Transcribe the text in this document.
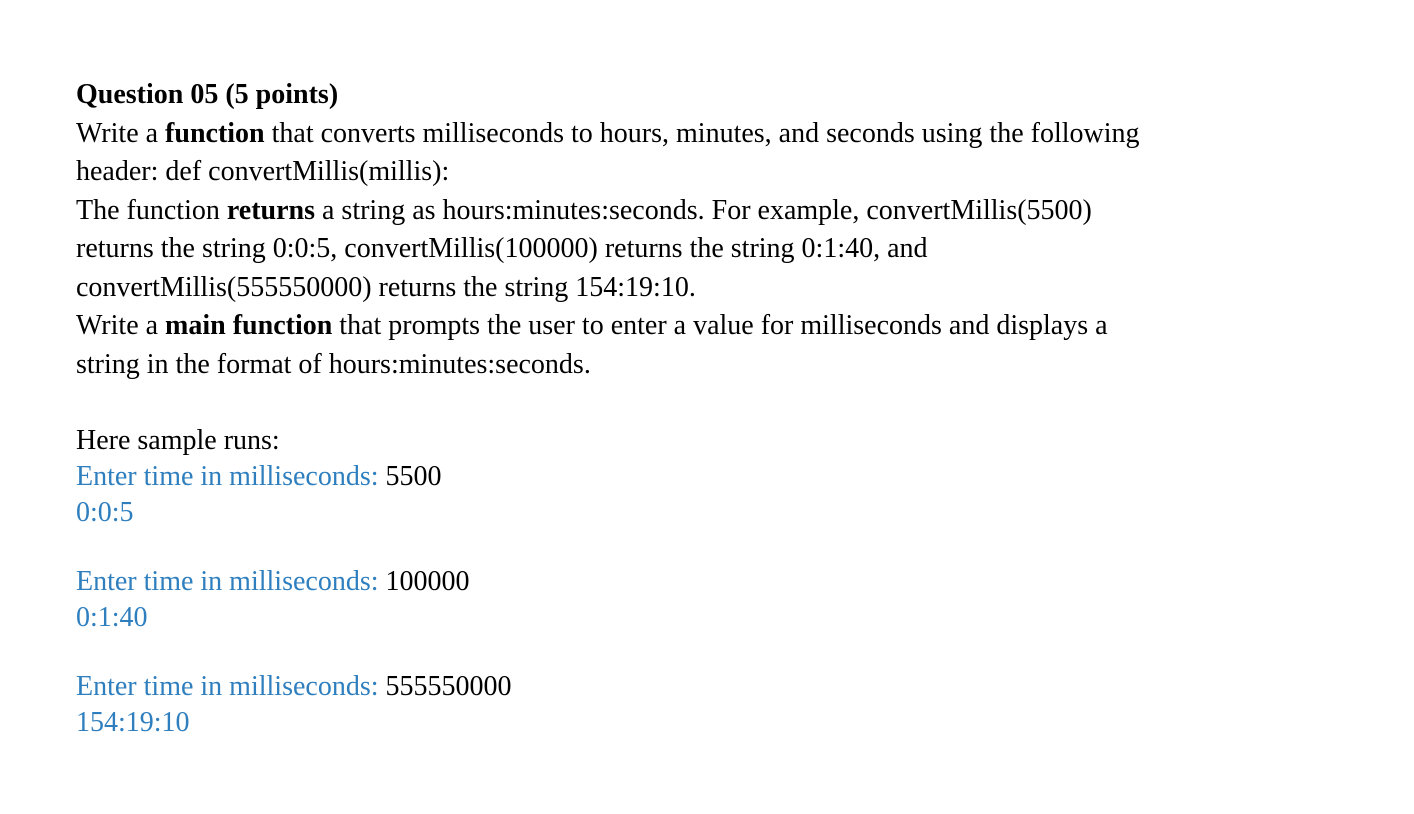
Question 05 (5 points)
Write a function that converts milliseconds to hours, minutes, and seconds using the following
header: def convertMillis(millis):
The function returns a string as hours:minutes:seconds. For example, convertMillis(5500)
returns the string 0:0:5, convertMillis(100000) returns the string 0:1:40, and
convertMillis(555550000) returns the string 154:19:10.
Write a main function that prompts the user to enter a value for milliseconds and displays a
string in the format of hours:minutes:seconds.
Here sample runs:
Enter time in milliseconds: 5500
0:0:5
Enter time in milliseconds: 100000
0:1:40
Enter time in milliseconds: 555550000
154:19:10
